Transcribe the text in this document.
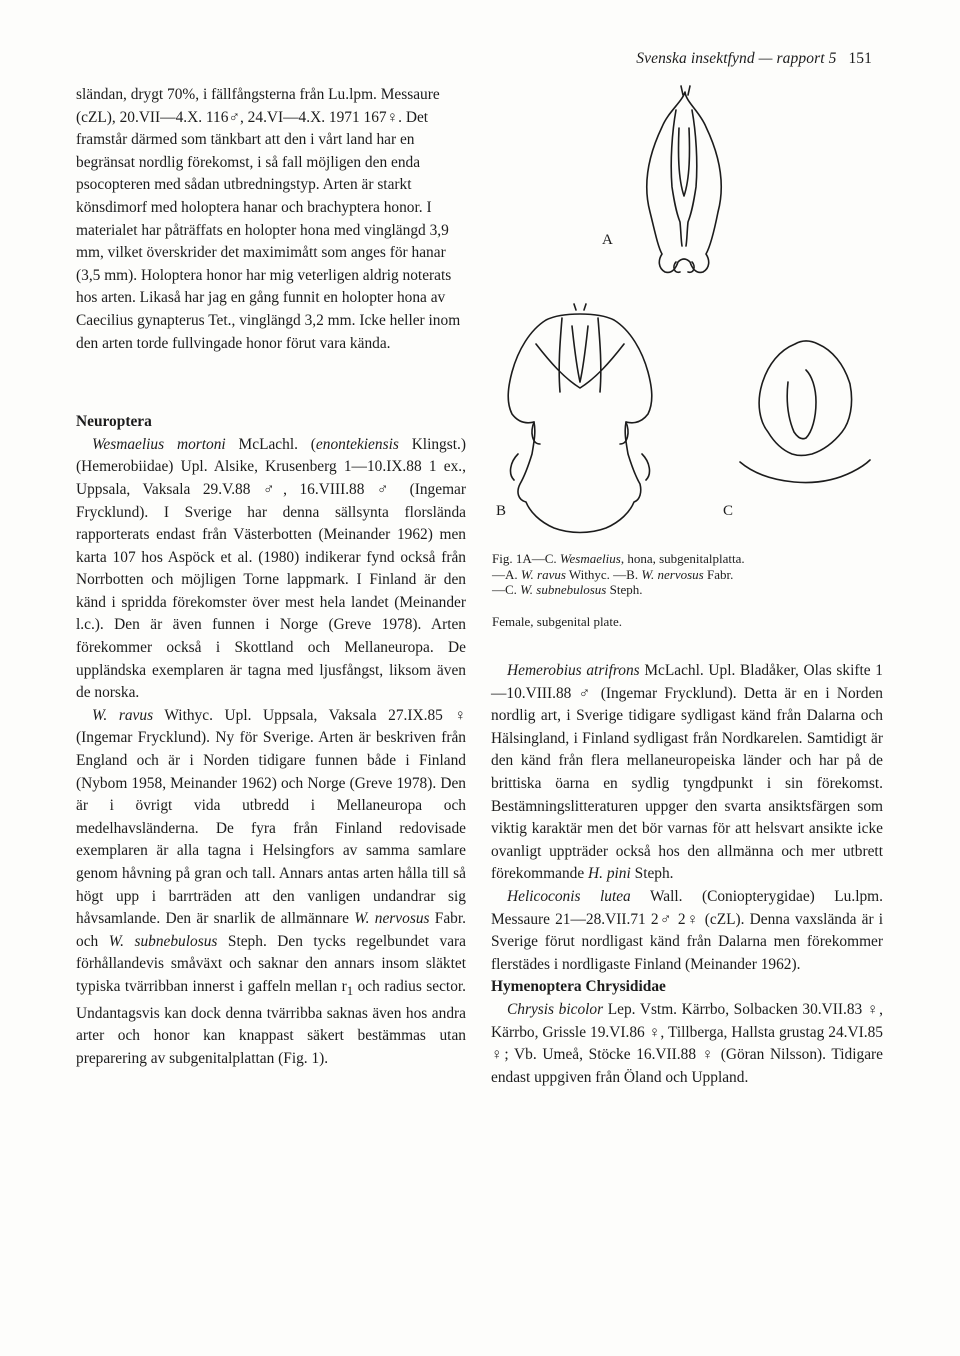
Svenska insektfynd — rapport 5 151

sländan, drygt 70%, i fällfångsterna från Lu.lpm. Messaure (cZL), 20.VII—4.X. 116♂, 24.VI—4.X. 1971 167♀. Det framstår därmed som tänkbart att den i vårt land har en begränsat nordlig förekomst, i så fall möjligen den enda psocopteren med sådan utbredningstyp. Arten är starkt könsdimorf med holoptera hanar och brachyptera honor. I materialet har påträffats en holopter hona med vinglängd 3,9 mm, vilket överskrider det maximimått som anges för hanar (3,5 mm). Holoptera honor har mig veterligen aldrig noterats hos arten. Likaså har jag en gång funnit en holopter hona av Caecilius gynapterus Tet., vinglängd 3,2 mm. Icke heller inom den arten torde fullvingade honor förut vara kända.

Neuroptera

Wesmaelius mortoni McLachl. (enontekiensis Klingst.) (Hemerobiidae) Upl. Alsike, Krusenberg 1—10.IX.88 1 ex., Uppsala, Vaksala 29.V.88 ♂, 16.VIII.88 ♂ (Ingemar Frycklund). I Sverige har denna sällsynta florslända rapporterats endast från Västerbotten (Meinander 1962) men karta 107 hos Aspöck et al. (1980) indikerar fynd också från Norrbotten och möjligen Torne lappmark. I Finland är den känd i spridda förekomster över mest hela landet (Meinander l.c.). Den är även funnen i Norge (Greve 1978). Arten förekommer också i Skottland och Mellaneuropa. De uppländska exemplaren är tagna med ljusfångst, liksom även de norska.

W. ravus Withyc. Upl. Uppsala, Vaksala 27.IX.85 ♀ (Ingemar Frycklund). Ny för Sverige. Arten är beskriven från England och är i Norden tidigare funnen både i Finland (Nybom 1958, Meinander 1962) och Norge (Greve 1978). Den är i övrigt vida utbredd i Mellaneuropa och medelhavsländerna. De fyra från Finland redovisade exemplaren är alla tagna i Helsingfors av samma samlare genom håvning på gran och tall. Annars antas arten hålla till så högt upp i barrträden att den vanligen undandrar sig håvsamlande. Den är snarlik de allmännare W. nervosus Fabr. och W. subnebulosus Steph. Den tycks regelbundet vara förhållandevis småväxt och saknar den annars insom släktet typiska tvärribban innerst i gaffeln mellan $r_1$ och radius sector. Undantagsvis kan dock denna tvärribba saknas även hos andra arter och honor kan knappast säkert bestämmas utan preparering av subgenitalplattan (Fig. 1).

A
B	C

Fig. 1A—C. Wesmaelius, hona, subgenitalplatta.

—A. W. ravus Withyc. —B. W. nervosus Fabr.

—C. W. subnebulosus Steph.

Female, subgenital plate.

Hemerobius atrifrons McLachl. Upl. Bladåker, Olas skifte 1—10.VIII.88 ♂ (Ingemar Frycklund). Detta är en i Norden nordlig art, i Sverige tidigare sydligast känd från Dalarna och Hälsingland, i Finland sydligast från Nordkarelen. Samtidigt är den känd från flera mellaneuropeiska länder och har på de brittiska öarna en sydlig tyngdpunkt i sin förekomst. Bestämningslitteraturen uppger den svarta ansiktsfärgen som viktig karaktär men det bör varnas för att helsvart ansikte icke ovanligt uppträder också hos den allmänna och mer utbrett förekommande H. pini Steph.

Helicoconis lutea Wall. (Coniopterygidae) Lu.lpm. Messaure 21—28.VII.71 2♂ 2♀ (cZL). Denna vaxslända är i Sverige förut nordligast känd från Dalarna men förekommer flerstädes i nordligaste Finland (Meinander 1962).

Hymenoptera Chrysididae

Chrysis bicolor Lep. Vstm. Kärrbo, Solbacken 30.VII.83 ♀, Kärrbo, Grissle 19.VI.86 ♀, Tillberga, Hallsta grustag 24.VI.85 ♀; Vb. Umeå, Stöcke 16.VII.88 ♀ (Göran Nilsson). Tidigare endast uppgiven från Öland och Uppland.
